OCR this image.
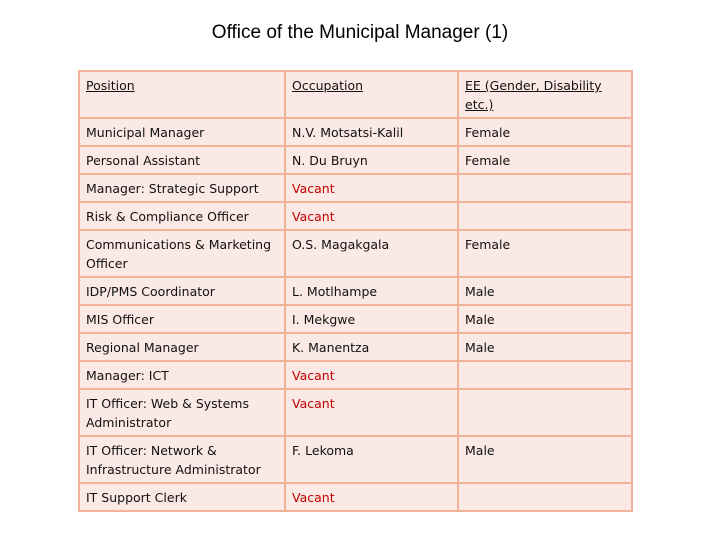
Office of the Municipal Manager (1)
Position	Occupation	EE (Gender, Disability etc.)
Municipal Manager	N.V. Motsatsi-Kalil	Female
Personal Assistant	N. Du Bruyn	Female
Manager: Strategic Support	Vacant	
Risk & Compliance Officer	Vacant	
Communications & Marketing Officer	O.S. Magakgala	Female
IDP/PMS Coordinator	L. Motlhampe	Male
MIS Officer	I. Mekgwe	Male
Regional Manager	K. Manentza	Male
Manager: ICT	Vacant	
IT Officer: Web & Systems Administrator	Vacant	
IT Officer: Network & Infrastructure Administrator	F. Lekoma	Male
IT Support Clerk	Vacant	
